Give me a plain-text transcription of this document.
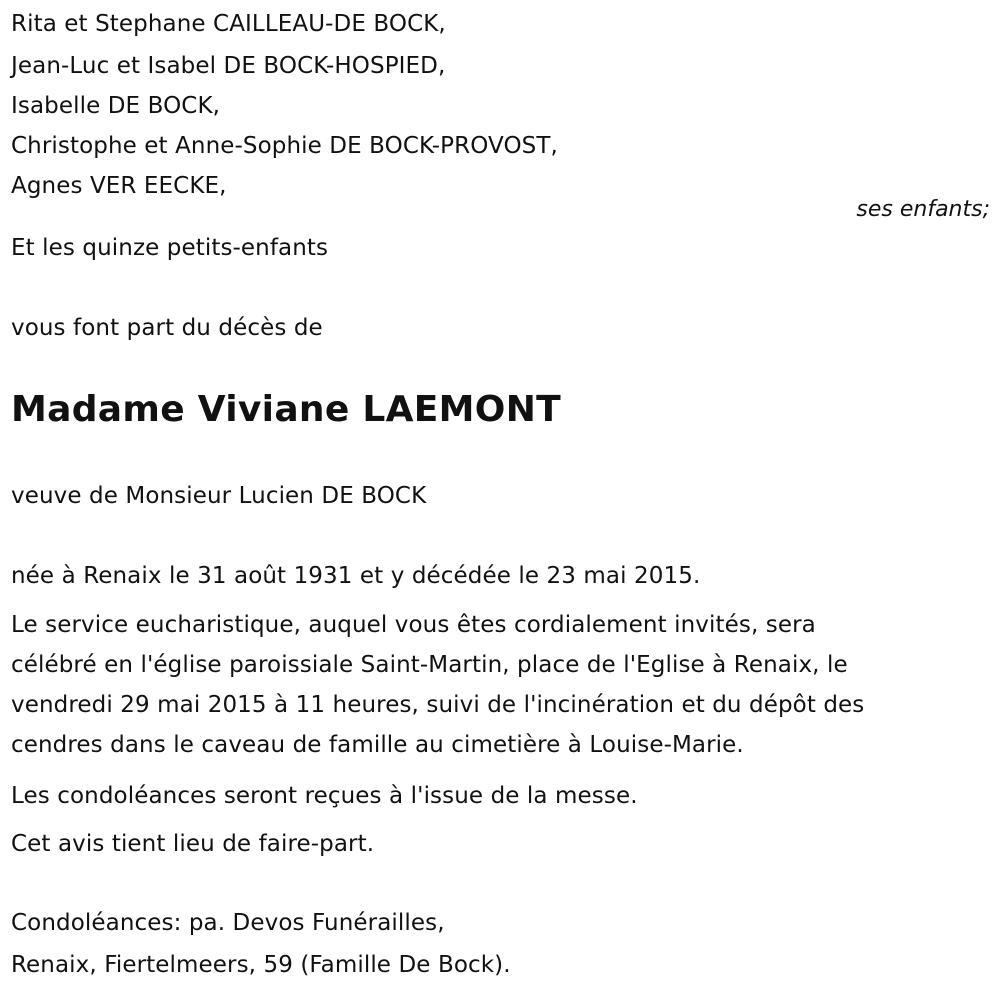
Rita et Stephane CAILLEAU-DE BOCK,
Jean-Luc et Isabel DE BOCK-HOSPIED,
Isabelle DE BOCK,
Christophe et Anne-Sophie DE BOCK-PROVOST,
Agnes VER EECKE,
ses enfants;
Et les quinze petits-enfants
vous font part du décès de
Madame Viviane LAEMONT
veuve de Monsieur Lucien DE BOCK
née à Renaix le 31 août 1931 et y décédée le 23 mai 2015.
Le service eucharistique, auquel vous êtes cordialement invités, sera
célébré en l'église paroissiale Saint-Martin, place de l'Eglise à Renaix, le
vendredi 29 mai 2015 à 11 heures, suivi de l'incinération et du dépôt des
cendres dans le caveau de famille au cimetière à Louise-Marie.
Les condoléances seront reçues à l'issue de la messe.
Cet avis tient lieu de faire-part.
Condoléances: pa. Devos Funérailles,
Renaix, Fiertelmeers, 59 (Famille De Bock).
